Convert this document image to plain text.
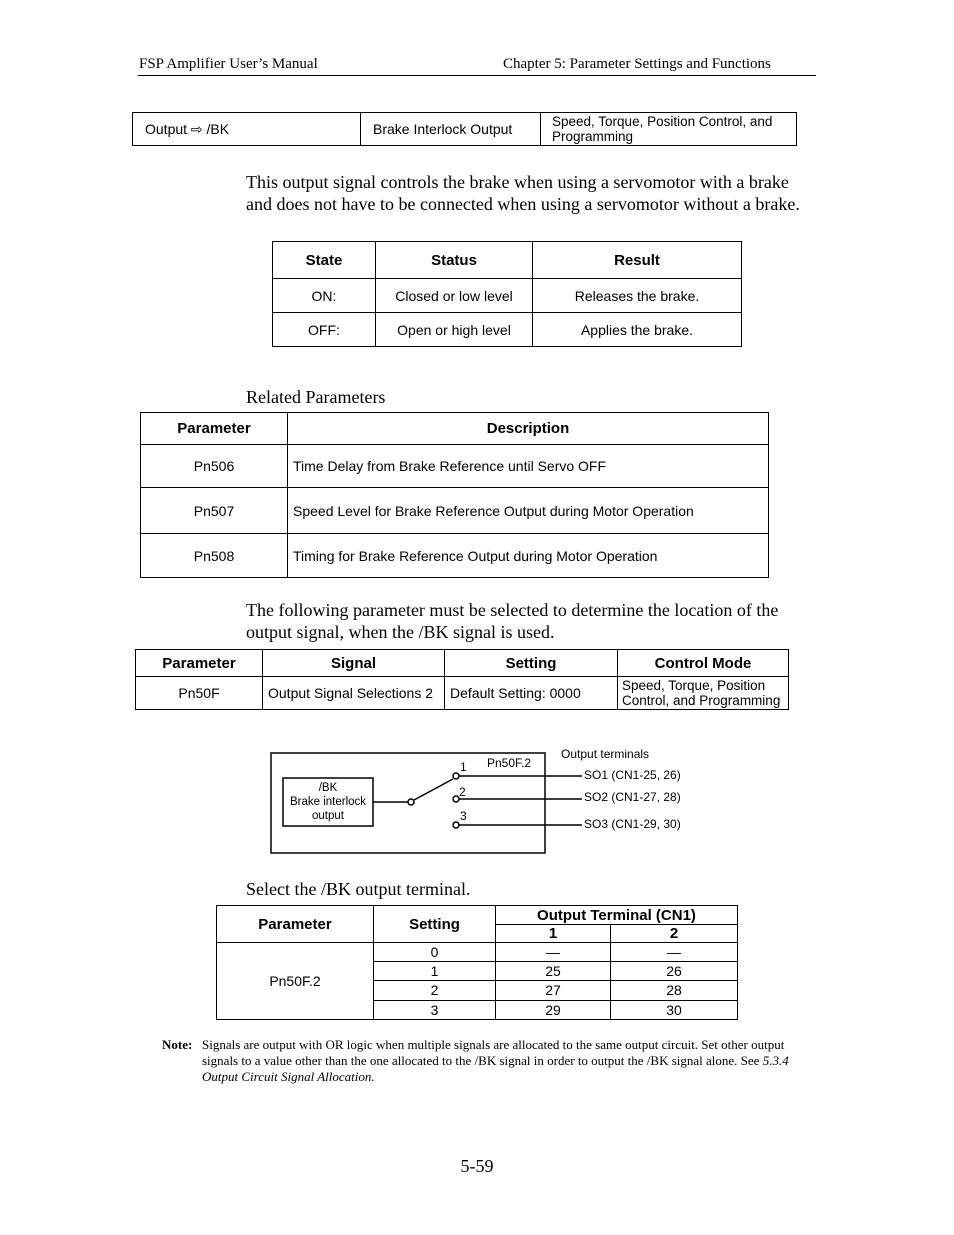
FSP Amplifier User’s Manual	Chapter 5: Parameter Settings and Functions
Output ⇨ /BK	Brake Interlock Output	Speed, Torque, Position Control, and Programming
This output signal controls the brake when using a servomotor with a brake and does not have to be connected when using a servomotor without a brake.
State	Status	Result
ON:	Closed or low level	Releases the brake.
OFF:	Open or high level	Applies the brake.
Related Parameters
Parameter	Description
Pn506	Time Delay from Brake Reference until Servo OFF
Pn507	Speed Level for Brake Reference Output during Motor Operation
Pn508	Timing for Brake Reference Output during Motor Operation
The following parameter must be selected to determine the location of the output signal, when the /BK signal is used.
Parameter	Signal	Setting	Control Mode
Pn50F	Output Signal Selections 2	Default Setting: 0000	Speed, Torque, Position Control, and Programming
/BK
Brake interlock
output
1
2
3
Pn50F.2
Output terminals
SO1 (CN1-25, 26)
SO2 (CN1-27, 28)
SO3 (CN1-29, 30)
Select the /BK output terminal.
Parameter	Setting	Output Terminal (CN1)	
		1	2
Pn50F.2	0	—	—
	1	25	26
	2	27	28
	3	29	30
Note: Signals are output with OR logic when multiple signals are allocated to the same output circuit. Set other output signals to a value other than the one allocated to the /BK signal in order to output the /BK signal alone. See 5.3.4 Output Circuit Signal Allocation.
5-59
